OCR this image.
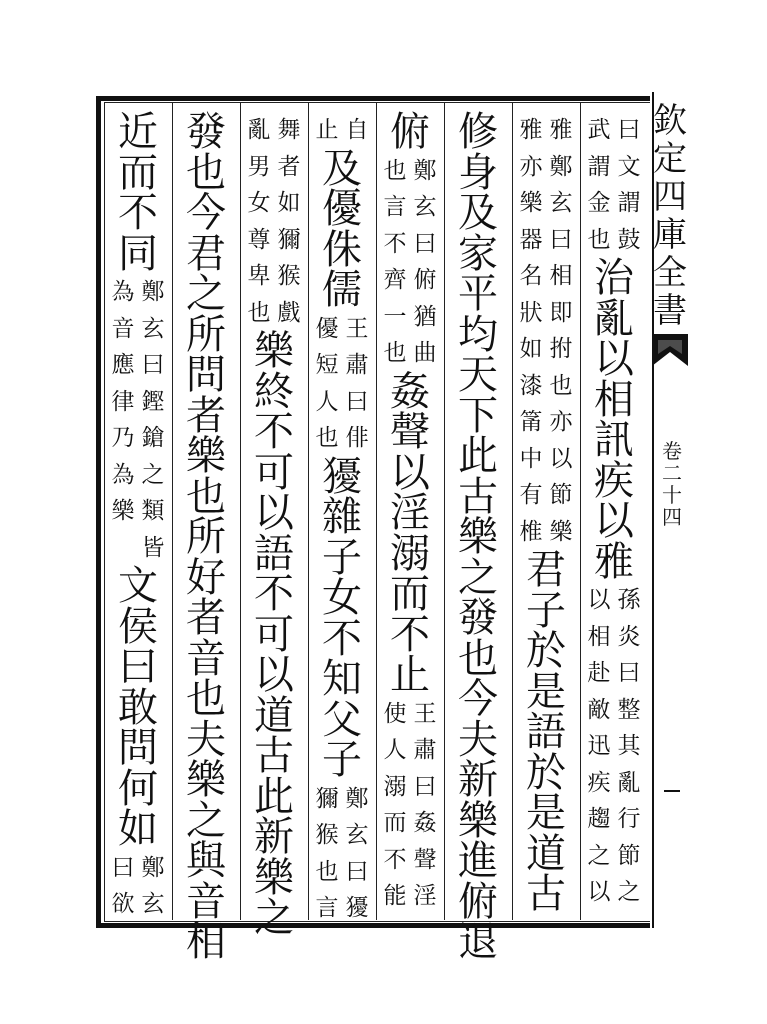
曰
文
謂
鼓
武
謂
金
也
治
亂
以
相
訊
疾
以
雅
孫
炎
曰
整
其
亂
行
節
之
以
相
赴
敵
迅
疾
趨
之
以
雅
鄭
玄
曰
相
即
拊
也
亦
以
節
樂
雅
亦
樂
器
名
狀
如
漆
筩
中
有
椎
君
子
於
是
語
於
是
道
古
修
身
及
家
平
均
天
下
此
古
樂
之
發
也
今
夫
新
樂
進
俯
退
俯
鄭
玄
曰
俯
猶
曲
也
言
不
齊
一
也
姦
聲
以
淫
溺
而
不
止
王
肅
曰
姦
聲
淫
使
人
溺
而
不
能
自
止
及
優
侏
儒
王
肅
曰
俳
優
短
人
也
獶
雜
子
女
不
知
父
子
鄭
玄
曰
獶
獮
猴
也
言
舞
者
如
獮
猴
戲
亂
男
女
尊
卑
也
樂
終
不
可
以
語
不
可
以
道
古
此
新
樂
之
發
也
今
君
之
所
問
者
樂
也
所
好
者
音
也
夫
樂
之
與
音
相
近
而
不
同
鄭
玄
曰
鏗
鎗
之
類
皆
為
音
應
律
乃
為
樂
文
侯
曰
敢
問
何
如
鄭
玄
曰
欲
欽
定
四
庫
全
書
卷
二
十
四
